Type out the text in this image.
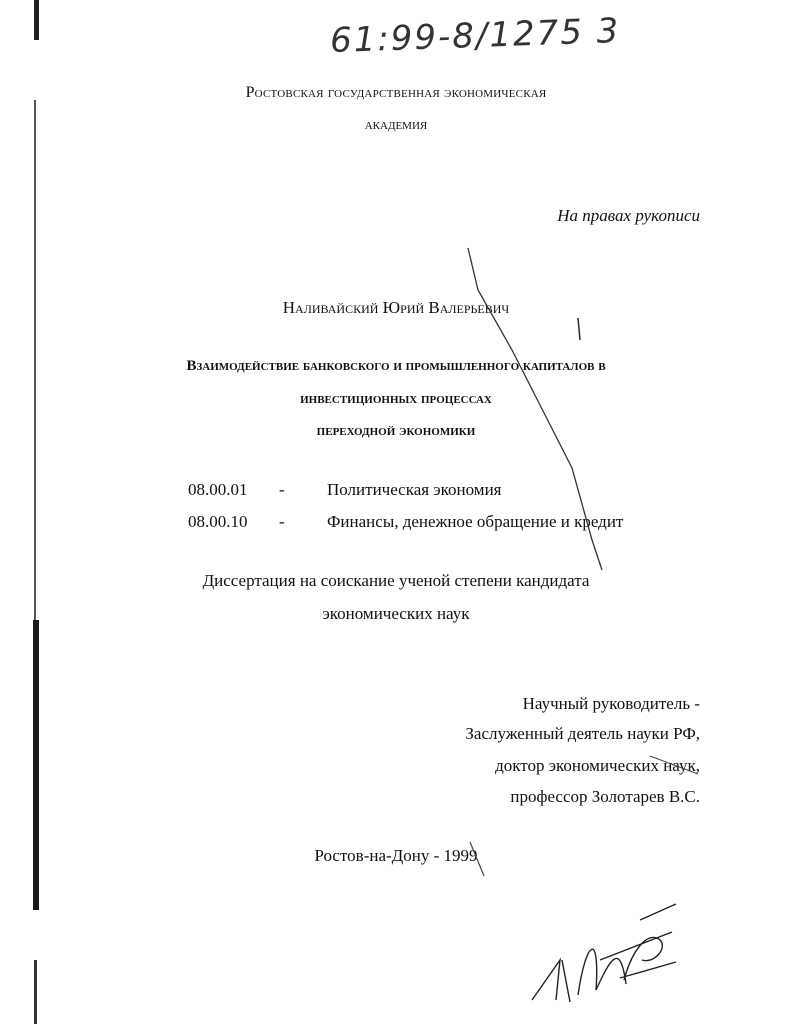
61:99-8/1275 3
Ростовская государственная экономическая
академия
На правах рукописи
Наливайский Юрий Валерьевич
Взаимодействие банковского и промышленного капиталов в
инвестиционных процессах
переходной экономики
08.00.01 - Политическая экономия
08.00.10 - Финансы, денежное обращение и кредит
Диссертация на соискание ученой степени кандидата
экономических наук
Научный руководитель -
Заслуженный деятель науки РФ,
доктор экономических наук,
профессор Золотарев В.С.
Ростов-на-Дону - 1999
